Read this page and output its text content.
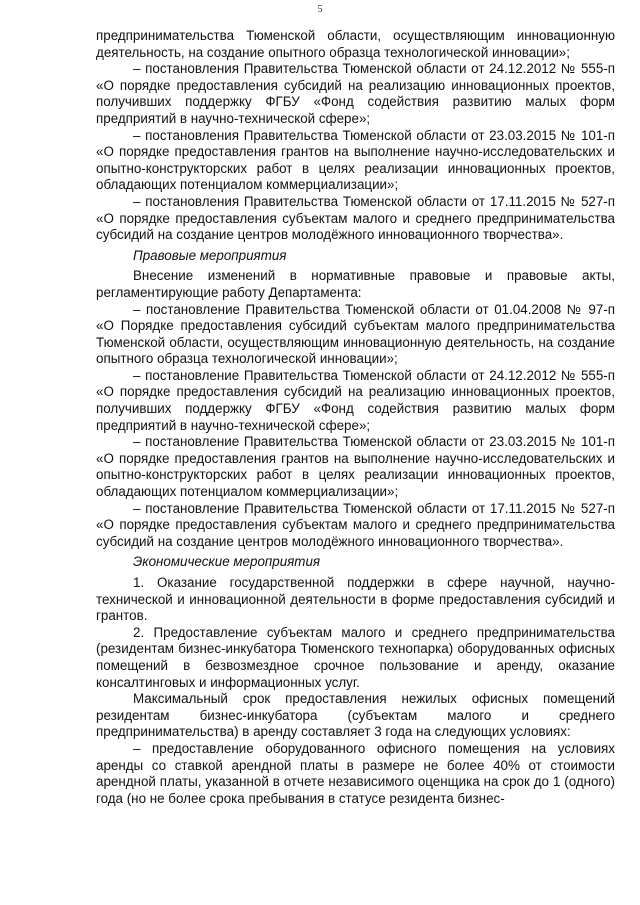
5

предпринимательства Тюменской области, осуществляющим инновационную деятельность, на создание опытного образца технологической инновации»;

– постановления Правительства Тюменской области от 24.12.2012 № 555-п «О порядке предоставления субсидий на реализацию инновационных проектов, получивших поддержку ФГБУ «Фонд содействия развитию малых форм предприятий в научно-технической сфере»;

– постановления Правительства Тюменской области от 23.03.2015 № 101-п «О порядке предоставления грантов на выполнение научно-исследовательских и опытно-конструкторских работ в целях реализации инновационных проектов, обладающих потенциалом коммерциализации»;

– постановления Правительства Тюменской области от 17.11.2015 № 527-п «О порядке предоставления субъектам малого и среднего предпринимательства субсидий на создание центров молодёжного инновационного творчества».

Правовые мероприятия

Внесение изменений в нормативные правовые и правовые акты, регламентирующие работу Департамента:

– постановление Правительства Тюменской области от 01.04.2008 № 97-п «О Порядке предоставления субсидий субъектам малого предпринимательства Тюменской области, осуществляющим инновационную деятельность, на создание опытного образца технологической инновации»;

– постановление Правительства Тюменской области от 24.12.2012 № 555-п «О порядке предоставления субсидий на реализацию инновационных проектов, получивших поддержку ФГБУ «Фонд содействия развитию малых форм предприятий в научно-технической сфере»;

– постановление Правительства Тюменской области от 23.03.2015 № 101-п «О порядке предоставления грантов на выполнение научно-исследовательских и опытно-конструкторских работ в целях реализации инновационных проектов, обладающих потенциалом коммерциализации»;

– постановление Правительства Тюменской области от 17.11.2015 № 527-п «О порядке предоставления субъектам малого и среднего предпринимательства субсидий на создание центров молодёжного инновационного творчества».

Экономические мероприятия

1. Оказание государственной поддержки в сфере научной, научно-технической и инновационной деятельности в форме предоставления субсидий и грантов.

2. Предоставление субъектам малого и среднего предпринимательства (резидентам бизнес-инкубатора Тюменского технопарка) оборудованных офисных помещений в безвозмездное срочное пользование и аренду, оказание консалтинговых и информационных услуг.

Максимальный срок предоставления нежилых офисных помещений резидентам бизнес-инкубатора (субъектам малого и среднего предпринимательства) в аренду составляет 3 года на следующих условиях:

– предоставление оборудованного офисного помещения на условиях аренды со ставкой арендной платы в размере не более 40% от стоимости арендной платы, указанной в отчете независимого оценщика на срок до 1 (одного) года (но не более срока пребывания в статусе резидента бизнес-
